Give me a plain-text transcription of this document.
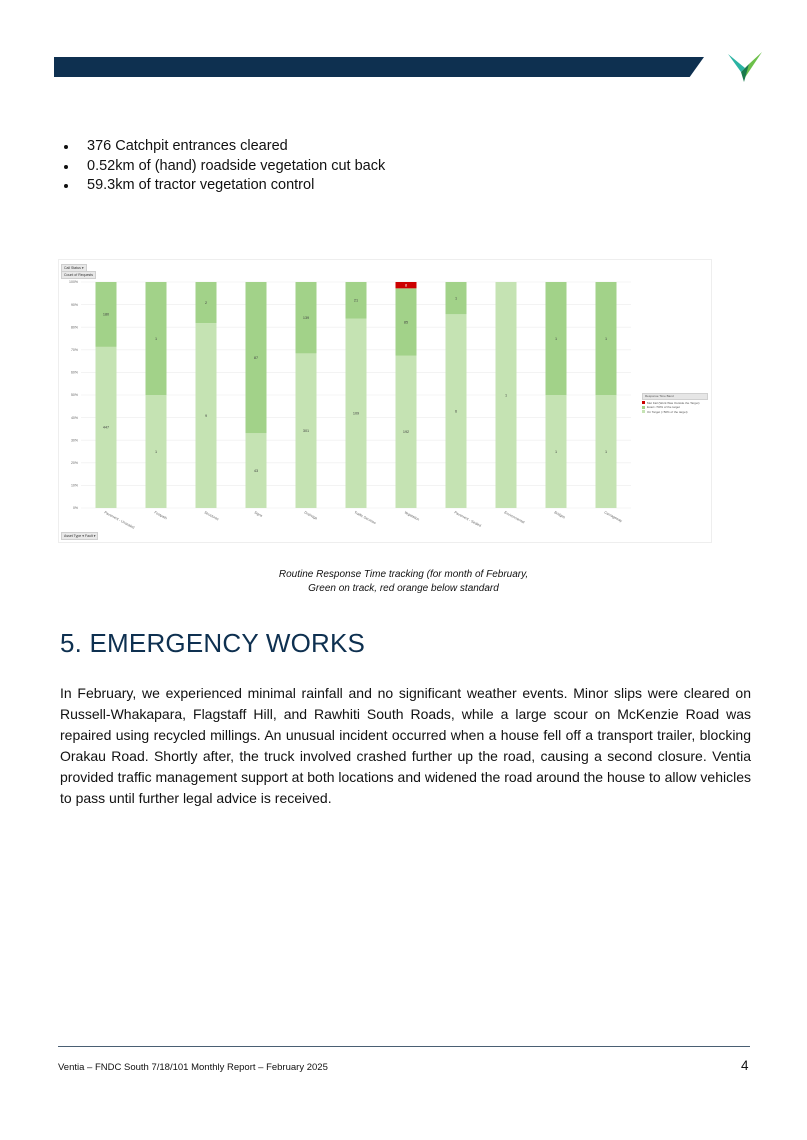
376 Catchpit entrances cleared
0.52km of (hand) roadside vegetation cut back
59.3km of tractor vegetation control
Call Status ▾
Count of Requests
Asset Type ▾ Fault ▾
0%
10%
20%
30%
40%
50%
60%
70%
80%
90%
100%
447
180
Pavement - Unsealed
1
1
Footpath
9
2
Structures
43
87
Signs
301
139
Drainage
109
21
Traffic Services
192
85
8
Vegetation
6
1
Pavement - Sealed
1
Environmental
1
1
Bridges
1
1
Carriageway
Response Time Band
Met Fail (Work Was Outside the Target)
Exact <50% of the target
On Target (<50% of the target)
Routine Response Time tracking (for month of February,
Green on track, red orange below standard
5. EMERGENCY WORKS

In February, we experienced minimal rainfall and no significant weather events. Minor slips were cleared on Russell-Whakapara, Flagstaff Hill, and Rawhiti South Roads, while a large scour on McKenzie Road was repaired using recycled millings. An unusual incident occurred when a house fell off a transport trailer, blocking Orakau Road. Shortly after, the truck involved crashed further up the road, causing a second closure. Ventia provided traffic management support at both locations and widened the road around the house to allow vehicles to pass until further legal advice is received.

Ventia – FNDC South 7/18/101 Monthly Report – February 2025	4
